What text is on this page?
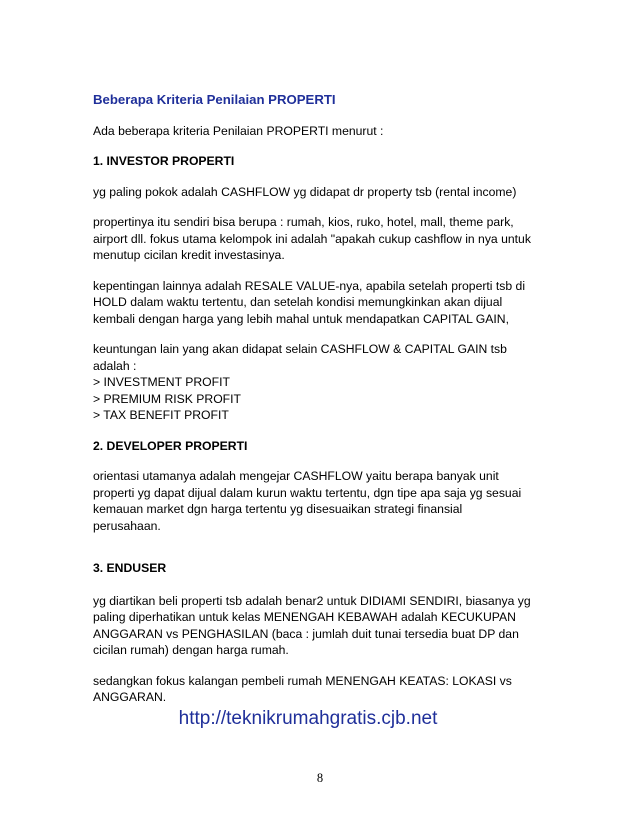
Beberapa Kriteria Penilaian PROPERTI
Ada beberapa kriteria Penilaian PROPERTI menurut :
1. INVESTOR PROPERTI
yg paling pokok adalah CASHFLOW yg didapat dr property tsb (rental income)
propertinya itu sendiri bisa berupa : rumah, kios, ruko, hotel, mall, theme park,
airport dll. fokus utama kelompok ini adalah "apakah cukup cashflow in nya untuk
menutup cicilan kredit investasinya.
kepentingan lainnya adalah RESALE VALUE-nya, apabila setelah properti tsb di
HOLD dalam waktu tertentu, dan setelah kondisi memungkinkan akan dijual
kembali dengan harga yang lebih mahal untuk mendapatkan CAPITAL GAIN,
keuntungan lain yang akan didapat selain CASHFLOW & CAPITAL GAIN tsb
adalah :
> INVESTMENT PROFIT
> PREMIUM RISK PROFIT
> TAX BENEFIT PROFIT
2. DEVELOPER PROPERTI
orientasi utamanya adalah mengejar CASHFLOW yaitu berapa banyak unit
properti yg dapat dijual dalam kurun waktu tertentu, dgn tipe apa saja yg sesuai
kemauan market dgn harga tertentu yg disesuaikan strategi finansial
perusahaan.
3. ENDUSER
yg diartikan beli properti tsb adalah benar2 untuk DIDIAMI SENDIRI, biasanya yg
paling diperhatikan untuk kelas MENENGAH KEBAWAH adalah KECUKUPAN
ANGGARAN vs PENGHASILAN (baca : jumlah duit tunai tersedia buat DP dan
cicilan rumah) dengan harga rumah.
sedangkan fokus kalangan pembeli rumah MENENGAH KEATAS: LOKASI vs
ANGGARAN.
http://teknikrumahgratis.cjb.net
8
